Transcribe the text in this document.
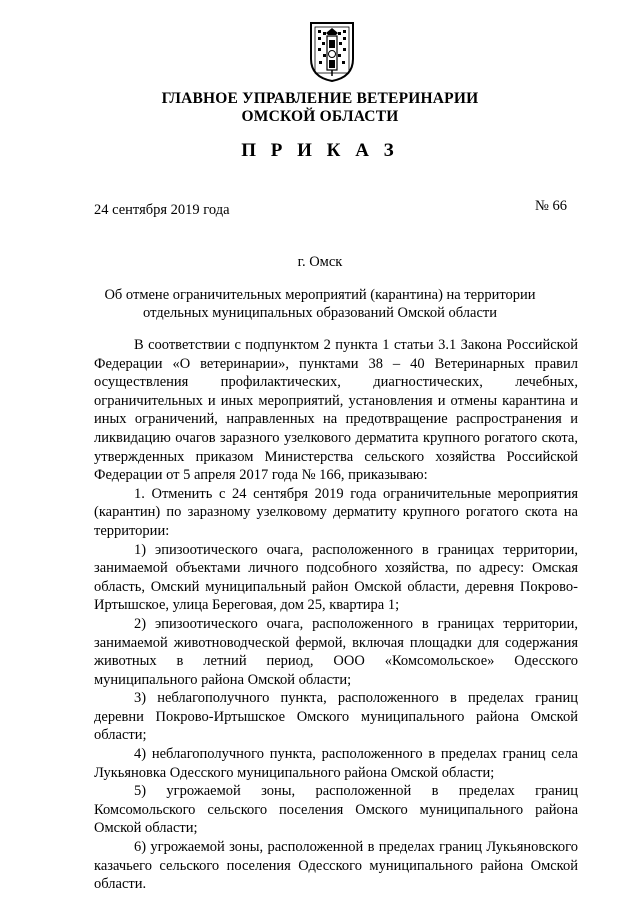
ГЛАВНОЕ УПРАВЛЕНИЕ ВЕТЕРИНАРИИ
ОМСКОЙ ОБЛАСТИ
П Р И К А З
24 сентября 2019 года	№ 66
г. Омск
Об отмене ограничительных мероприятий (карантина) на территории
отдельных муниципальных образований Омской области

В соответствии с подпунктом 2 пункта 1 статьи 3.1 Закона Российской Федерации «О ветеринарии», пунктами 38 – 40 Ветеринарных правил осуществления профилактических, диагностических, лечебных, ограничительных и иных мероприятий, установления и отмены карантина и иных ограничений, направленных на предотвращение распространения и ликвидацию очагов заразного узелкового дерматита крупного рогатого скота, утвержденных приказом Министерства сельского хозяйства Российской Федерации от 5 апреля 2017 года № 166, приказываю:

1. Отменить с 24 сентября 2019 года ограничительные мероприятия (карантин) по заразному узелковому дерматиту крупного рогатого скота на территории:

1) эпизоотического очага, расположенного в границах территории, занимаемой объектами личного подсобного хозяйства, по адресу: Омская область, Омский муниципальный район Омской области, деревня Покрово-Иртышское, улица Береговая, дом 25, квартира 1;

2) эпизоотического очага, расположенного в границах территории, занимаемой животноводческой фермой, включая площадки для содержания животных в летний период, ООО «Комсомольское» Одесского муниципального района Омской области;

3) неблагополучного пункта, расположенного в пределах границ деревни Покрово-Иртышское Омского муниципального района Омской области;

4) неблагополучного пункта, расположенного в пределах границ села Лукьяновка Одесского муниципального района Омской области;

5) угрожаемой зоны, расположенной в пределах границ Комсомольского сельского поселения Омского муниципального района Омской области;

6) угрожаемой зоны, расположенной в пределах границ Лукьяновского казачьего сельского поселения Одесского муниципального района Омской области.
